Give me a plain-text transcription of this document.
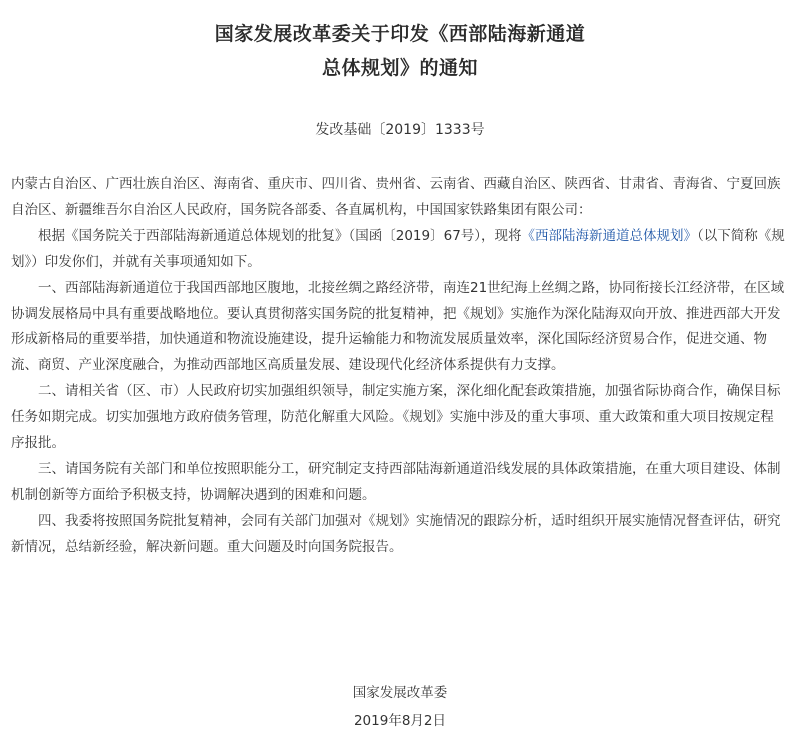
国家发展改革委关于印发《西部陆海新通道
总体规划》的通知
发改基础〔2019〕1333号

内蒙古自治区、广西壮族自治区、海南省、重庆市、四川省、贵州省、云南省、西藏自治区、陕西省、甘肃省、青海省、宁夏回族自治区、新疆维吾尔自治区人民政府，国务院各部委、各直属机构，中国国家铁路集团有限公司：

根据《国务院关于西部陆海新通道总体规划的批复》（国函〔2019〕67号），现将《西部陆海新通道总体规划》（以下简称《规划》）印发你们，并就有关事项通知如下。

一、西部陆海新通道位于我国西部地区腹地，北接丝绸之路经济带，南连21世纪海上丝绸之路，协同衔接长江经济带，在区域协调发展格局中具有重要战略地位。要认真贯彻落实国务院的批复精神，把《规划》实施作为深化陆海双向开放、推进西部大开发形成新格局的重要举措，加快通道和物流设施建设，提升运输能力和物流发展质量效率，深化国际经济贸易合作，促进交通、物流、商贸、产业深度融合，为推动西部地区高质量发展、建设现代化经济体系提供有力支撑。

二、请相关省（区、市）人民政府切实加强组织领导，制定实施方案，深化细化配套政策措施，加强省际协商合作，确保目标任务如期完成。切实加强地方政府债务管理，防范化解重大风险。《规划》实施中涉及的重大事项、重大政策和重大项目按规定程序报批。

三、请国务院有关部门和单位按照职能分工，研究制定支持西部陆海新通道沿线发展的具体政策措施，在重大项目建设、体制机制创新等方面给予积极支持，协调解决遇到的困难和问题。

四、我委将按照国务院批复精神，会同有关部门加强对《规划》实施情况的跟踪分析，适时组织开展实施情况督查评估，研究新情况，总结新经验，解决新问题。重大问题及时向国务院报告。

国家发展改革委
2019年8月2日
